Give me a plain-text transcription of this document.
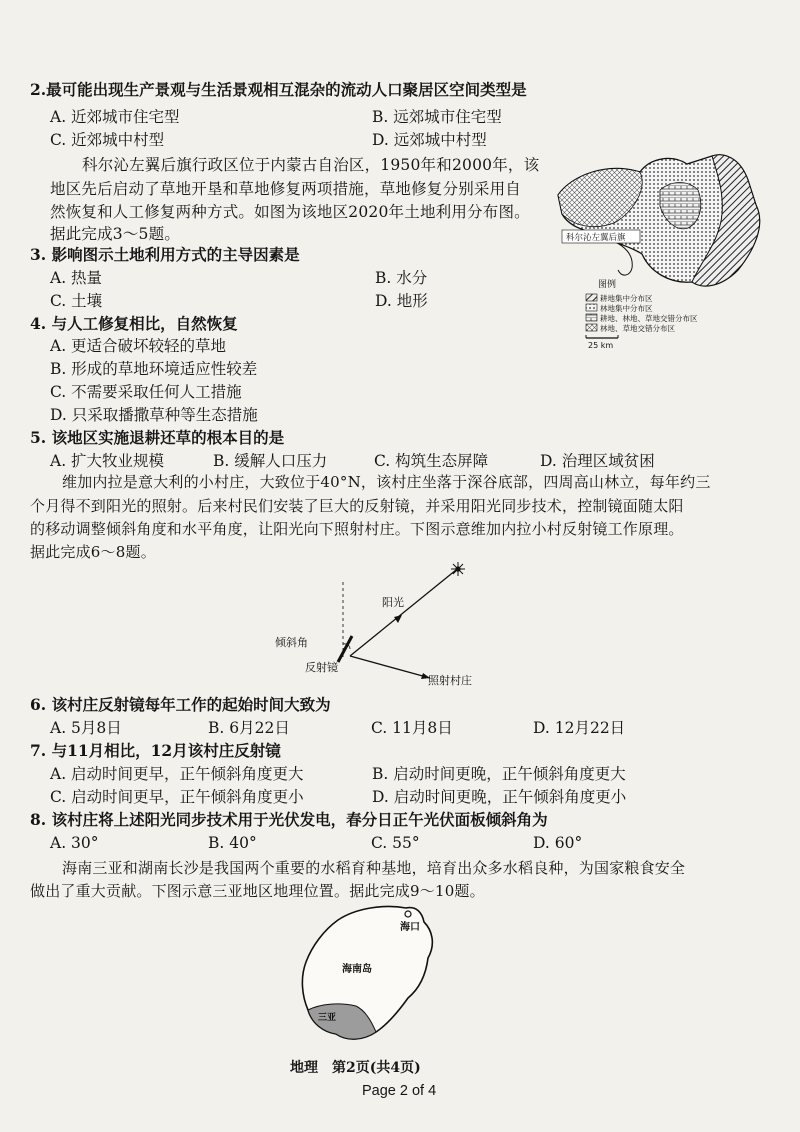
2.最可能出现生产景观与生活景观相互混杂的流动人口聚居区空间类型是
A. 近郊城市住宅型	B. 远郊城市住宅型
C. 近郊城中村型	D. 远郊城中村型
科尔沁左翼后旗行政区位于内蒙古自治区，1950年和2000年，该
地区先后启动了草地开垦和草地修复两项措施，草地修复分别采用自
然恢复和人工修复两种方式。如图为该地区2020年土地利用分布图。
据此完成3～5题。	科尔沁左翼后旗
图例
耕地集中分布区
林地集中分布区
耕地、林地、草地交错分布区
林地、草地交错分布区
25 km
3. 影响图示土地利用方式的主导因素是
A. 热量	B. 水分
C. 土壤	D. 地形
4. 与人工修复相比，自然恢复
A. 更适合破坏较轻的草地
B. 形成的草地环境适应性较差
C. 不需要采取任何人工措施
D. 只采取播撒草种等生态措施
5. 该地区实施退耕还草的根本目的是
A. 扩大牧业规模	B. 缓解人口压力	C. 构筑生态屏障	D. 治理区域贫困
维加内拉是意大利的小村庄，大致位于40°N，该村庄坐落于深谷底部，四周高山林立，每年约三
个月得不到阳光的照射。后来村民们安装了巨大的反射镜，并采用阳光同步技术，控制镜面随太阳
的移动调整倾斜角度和水平角度，让阳光向下照射村庄。下图示意维加内拉小村反射镜工作原理。
据此完成6～8题。
阳光
倾斜角
反射镜
照射村庄
6. 该村庄反射镜每年工作的起始时间大致为
A. 5月8日	B. 6月22日	C. 11月8日	D. 12月22日
7. 与11月相比，12月该村庄反射镜
A. 启动时间更早，正午倾斜角度更大	B. 启动时间更晚，正午倾斜角度更大
C. 启动时间更早，正午倾斜角度更小	D. 启动时间更晚，正午倾斜角度更小
8. 该村庄将上述阳光同步技术用于光伏发电，春分日正午光伏面板倾斜角为
A. 30°	B. 40°	C. 55°	D. 60°
海南三亚和湖南长沙是我国两个重要的水稻育种基地，培育出众多水稻良种，为国家粮食安全
做出了重大贡献。下图示意三亚地区地理位置。据此完成9～10题。
海口
海南岛
三亚
地理　第2页(共4页)
Page 2 of 4
